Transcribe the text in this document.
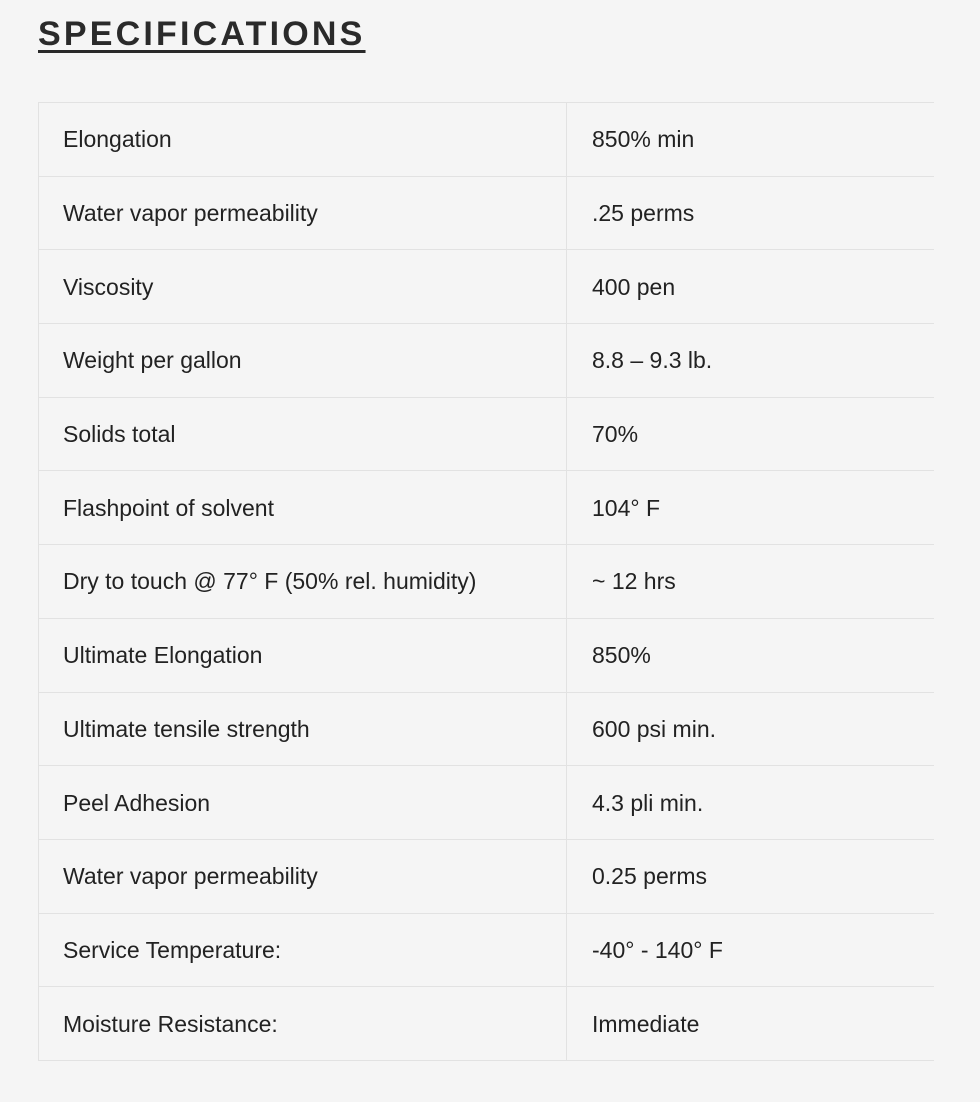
SPECIFICATIONS
Elongation	850% min
Water vapor permeability	.25 perms
Viscosity	400 pen
Weight per gallon	8.8 – 9.3 lb.
Solids total	70%
Flashpoint of solvent	104° F
Dry to touch @ 77° F (50% rel. humidity)	~ 12 hrs
Ultimate Elongation	850%
Ultimate tensile strength	600 psi min.
Peel Adhesion	4.3 pli min.
Water vapor permeability	0.25 perms
Service Temperature:	-40° - 140° F
Moisture Resistance:	Immediate
